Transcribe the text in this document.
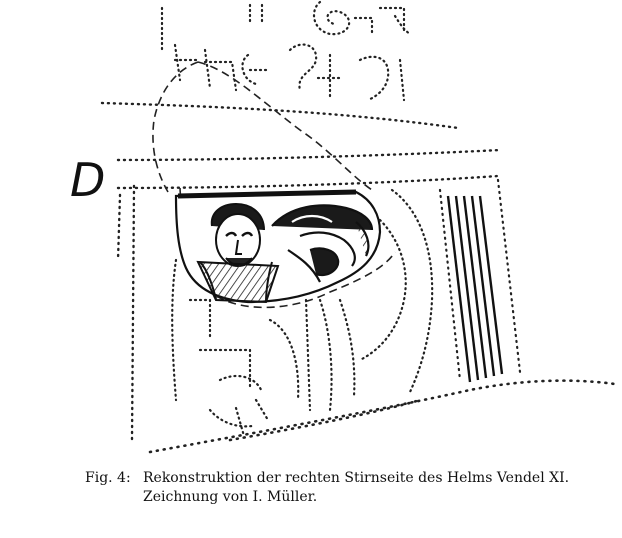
D
Fig. 4: Rekonstruktion der rechten Stirnseite des Helms Vendel XI.
Zeichnung von I. Müller.
